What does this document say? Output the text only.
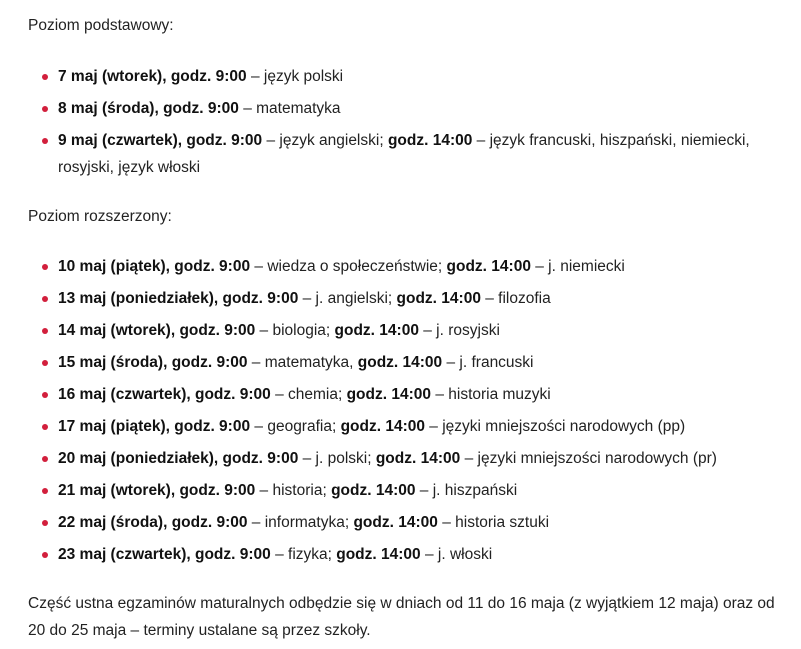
Poziom podstawowy:

7 maj (wtorek), godz. 9:00 – język polski
8 maj (środa), godz. 9:00 – matematyka
9 maj (czwartek), godz. 9:00 – język angielski; godz. 14:00 – język francuski, hiszpański, niemiecki, rosyjski, język włoski

Poziom rozszerzony:

10 maj (piątek), godz. 9:00 – wiedza o społeczeństwie; godz. 14:00 – j. niemiecki
13 maj (poniedziałek), godz. 9:00 – j. angielski; godz. 14:00 – filozofia
14 maj (wtorek), godz. 9:00 – biologia; godz. 14:00 – j. rosyjski
15 maj (środa), godz. 9:00 – matematyka, godz. 14:00 – j. francuski
16 maj (czwartek), godz. 9:00 – chemia; godz. 14:00 – historia muzyki
17 maj (piątek), godz. 9:00 – geografia; godz. 14:00 – języki mniejszości narodowych (pp)
20 maj (poniedziałek), godz. 9:00 – j. polski; godz. 14:00 – języki mniejszości narodowych (pr)
21 maj (wtorek), godz. 9:00 – historia; godz. 14:00 – j. hiszpański
22 maj (środa), godz. 9:00 – informatyka; godz. 14:00 – historia sztuki
23 maj (czwartek), godz. 9:00 – fizyka; godz. 14:00 – j. włoski

Część ustna egzaminów maturalnych odbędzie się w dniach od 11 do 16 maja (z wyjątkiem 12 maja) oraz od 20 do 25 maja – terminy ustalane są przez szkoły.
